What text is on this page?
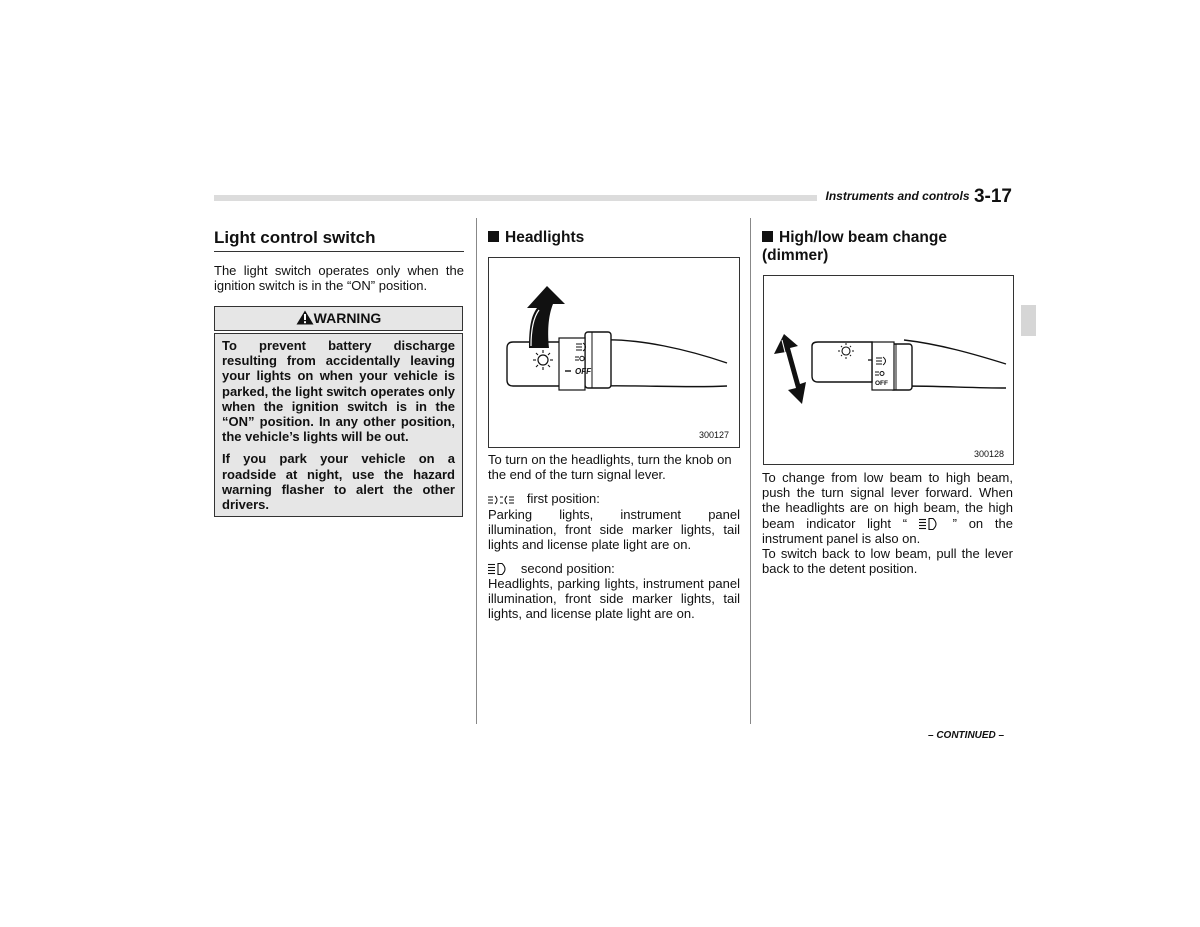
Instruments and controls 3-17
Light control switch

The light switch operates only when the ignition switch is in the “ON” position.

WARNING

To prevent battery discharge resulting from accidentally leaving your lights on when your vehicle is parked, the light switch operates only when the ignition switch is in the “ON” position. In any other position, the vehicle’s lights will be out.

If you park your vehicle on a roadside at night, use the hazard warning flasher to alert the other drivers.

Headlights
OFF
300127

To turn on the headlights, turn the knob on the end of the turn signal lever.

first position:

Parking lights, instrument panel illumination, front side marker lights, tail lights and license plate light are on.

second position:

Headlights, parking lights, instrument panel illumination, front side marker lights, tail lights, and license plate light are on.

High/low beam change (dimmer)
OFF
300128

To change from low beam to high beam, push the turn signal lever forward. When the headlights are on high beam, the high beam indicator light “	” on the instrument panel is also on.

To switch back to low beam, pull the lever back to the detent position.

– CONTINUED –
